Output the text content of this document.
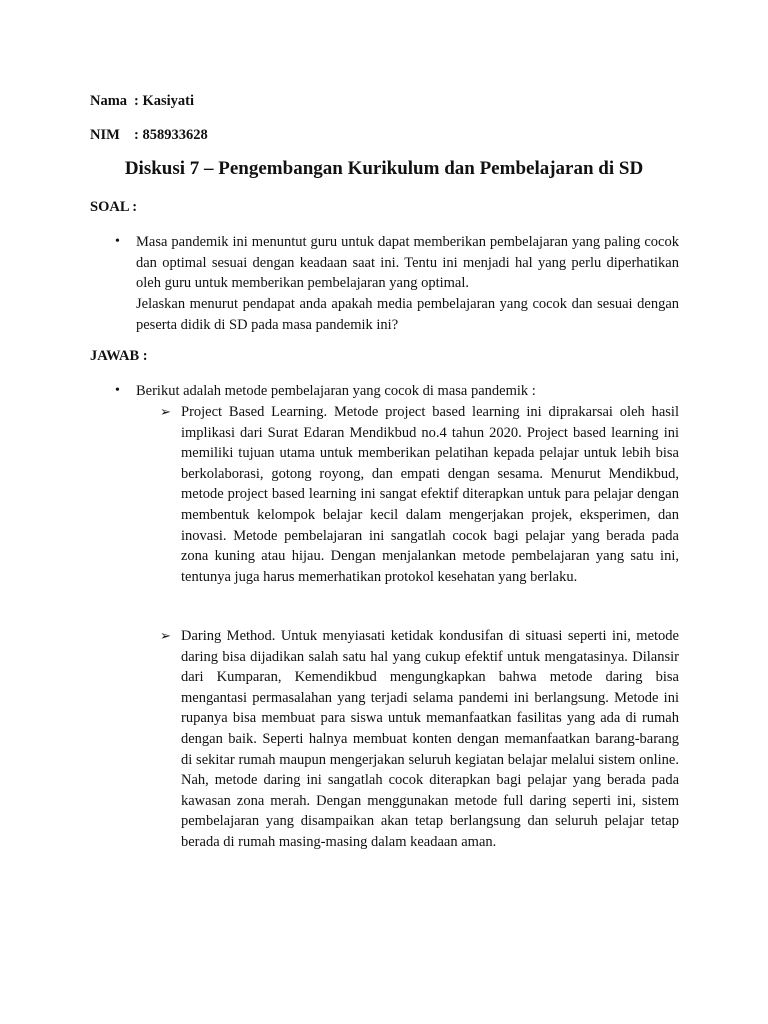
Nama : Kasiyati
NIM : 858933628
Diskusi 7 – Pengembangan Kurikulum dan Pembelajaran di SD
SOAL :
• Masa pandemik ini menuntut guru untuk dapat memberikan pembelajaran yang paling cocok dan optimal sesuai dengan keadaan saat ini. Tentu ini menjadi hal yang perlu diperhatikan oleh guru untuk memberikan pembelajaran yang optimal.
Jelaskan menurut pendapat anda apakah media pembelajaran yang cocok dan sesuai dengan peserta didik di SD pada masa pandemik ini?
JAWAB :
• Berikut adalah metode pembelajaran yang cocok di masa pandemik :
➢ Project Based Learning. Metode project based learning ini diprakarsai oleh hasil implikasi dari Surat Edaran Mendikbud no.4 tahun 2020. Project based learning ini memiliki tujuan utama untuk memberikan pelatihan kepada pelajar untuk lebih bisa berkolaborasi, gotong royong, dan empati dengan sesama. Menurut Mendikbud, metode project based learning ini sangat efektif diterapkan untuk para pelajar dengan membentuk kelompok belajar kecil dalam mengerjakan projek, eksperimen, dan inovasi. Metode pembelajaran ini sangatlah cocok bagi pelajar yang berada pada zona kuning atau hijau. Dengan menjalankan metode pembelajaran yang satu ini, tentunya juga harus memerhatikan protokol kesehatan yang berlaku.
➢ Daring Method. Untuk menyiasati ketidak kondusifan di situasi seperti ini, metode daring bisa dijadikan salah satu hal yang cukup efektif untuk mengatasinya. Dilansir dari Kumparan, Kemendikbud mengungkapkan bahwa metode daring bisa mengantasi permasalahan yang terjadi selama pandemi ini berlangsung. Metode ini rupanya bisa membuat para siswa untuk memanfaatkan fasilitas yang ada di rumah dengan baik. Seperti halnya membuat konten dengan memanfaatkan barang-barang di sekitar rumah maupun mengerjakan seluruh kegiatan belajar melalui sistem online. Nah, metode daring ini sangatlah cocok diterapkan bagi pelajar yang berada pada kawasan zona merah. Dengan menggunakan metode full daring seperti ini, sistem pembelajaran yang disampaikan akan tetap berlangsung dan seluruh pelajar tetap berada di rumah masing-masing dalam keadaan aman.
